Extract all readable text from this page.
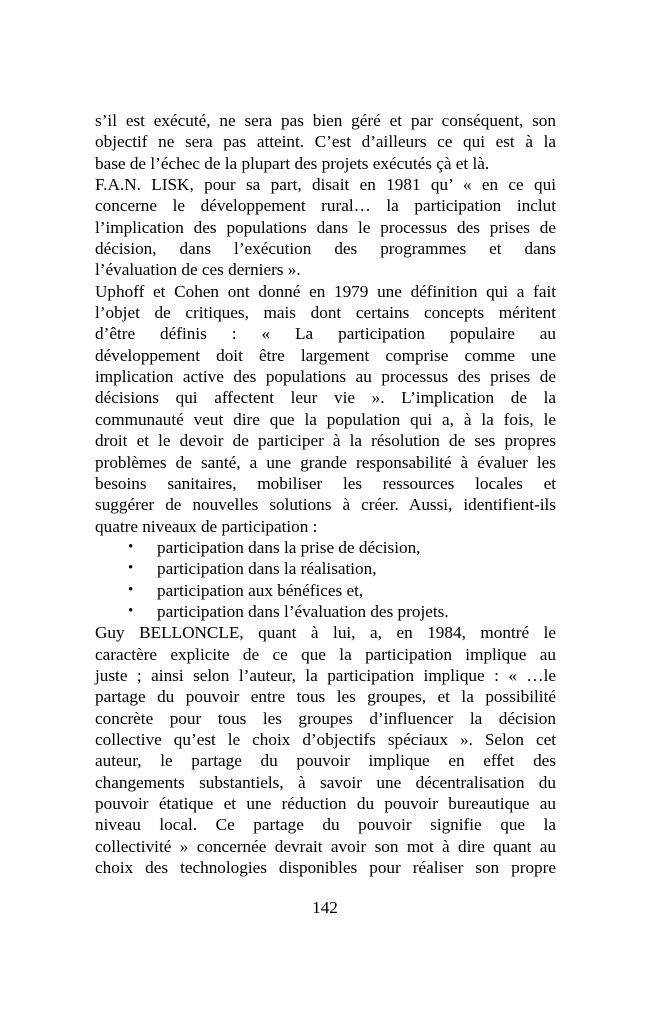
s’il est exécuté, ne sera pas bien géré et par conséquent, son
objectif ne sera pas atteint. C’est d’ailleurs ce qui est à la
base de l’échec de la plupart des projets exécutés çà et là.
F.A.N. LISK, pour sa part, disait en 1981 qu’ « en ce qui
concerne le développement rural… la participation inclut
l’implication des populations dans le processus des prises de
décision, dans l’exécution des programmes et dans
l’évaluation de ces derniers ».
Uphoff et Cohen ont donné en 1979 une définition qui a fait
l’objet de critiques, mais dont certains concepts méritent
d’être définis : « La participation populaire au
développement doit être largement comprise comme une
implication active des populations au processus des prises de
décisions qui affectent leur vie ». L’implication de la
communauté veut dire que la population qui a, à la fois, le
droit et le devoir de participer à la résolution de ses propres
problèmes de santé, a une grande responsabilité à évaluer les
besoins sanitaires, mobiliser les ressources locales et
suggérer de nouvelles solutions à créer. Aussi, identifient-ils
quatre niveaux de participation :
• participation dans la prise de décision,
• participation dans la réalisation,
• participation aux bénéfices et,
• participation dans l’évaluation des projets.
Guy BELLONCLE, quant à lui, a, en 1984, montré le
caractère explicite de ce que la participation implique au
juste ; ainsi selon l’auteur, la participation implique : « …le
partage du pouvoir entre tous les groupes, et la possibilité
concrète pour tous les groupes d’influencer la décision
collective qu’est le choix d’objectifs spéciaux ». Selon cet
auteur, le partage du pouvoir implique en effet des
changements substantiels, à savoir une décentralisation du
pouvoir étatique et une réduction du pouvoir bureautique au
niveau local. Ce partage du pouvoir signifie que la
collectivité » concernée devrait avoir son mot à dire quant au
choix des technologies disponibles pour réaliser son propre
142
